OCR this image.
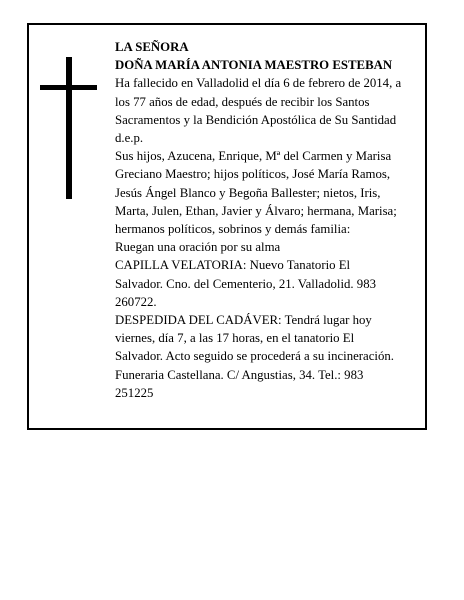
LA SEÑORA
DOÑA MARÍA ANTONIA MAESTRO ESTEBAN
Ha fallecido en Valladolid el día 6 de febrero de 2014, a
los 77 años de edad, después de recibir los Santos
Sacramentos y la Bendición Apostólica de Su Santidad
d.e.p.
Sus hijos, Azucena, Enrique, Mª del Carmen y Marisa
Greciano Maestro; hijos políticos, José María Ramos,
Jesús Ángel Blanco y Begoña Ballester; nietos, Iris,
Marta, Julen, Ethan, Javier y Álvaro; hermana, Marisa;
hermanos políticos, sobrinos y demás familia:
Ruegan una oración por su alma
CAPILLA VELATORIA: Nuevo Tanatorio El
Salvador. Cno. del Cementerio, 21. Valladolid. 983
260722.
DESPEDIDA DEL CADÁVER: Tendrá lugar hoy
viernes, día 7, a las 17 horas, en el tanatorio El
Salvador. Acto seguido se procederá a su incineración.
Funeraria Castellana. C/ Angustias, 34. Tel.: 983
251225
